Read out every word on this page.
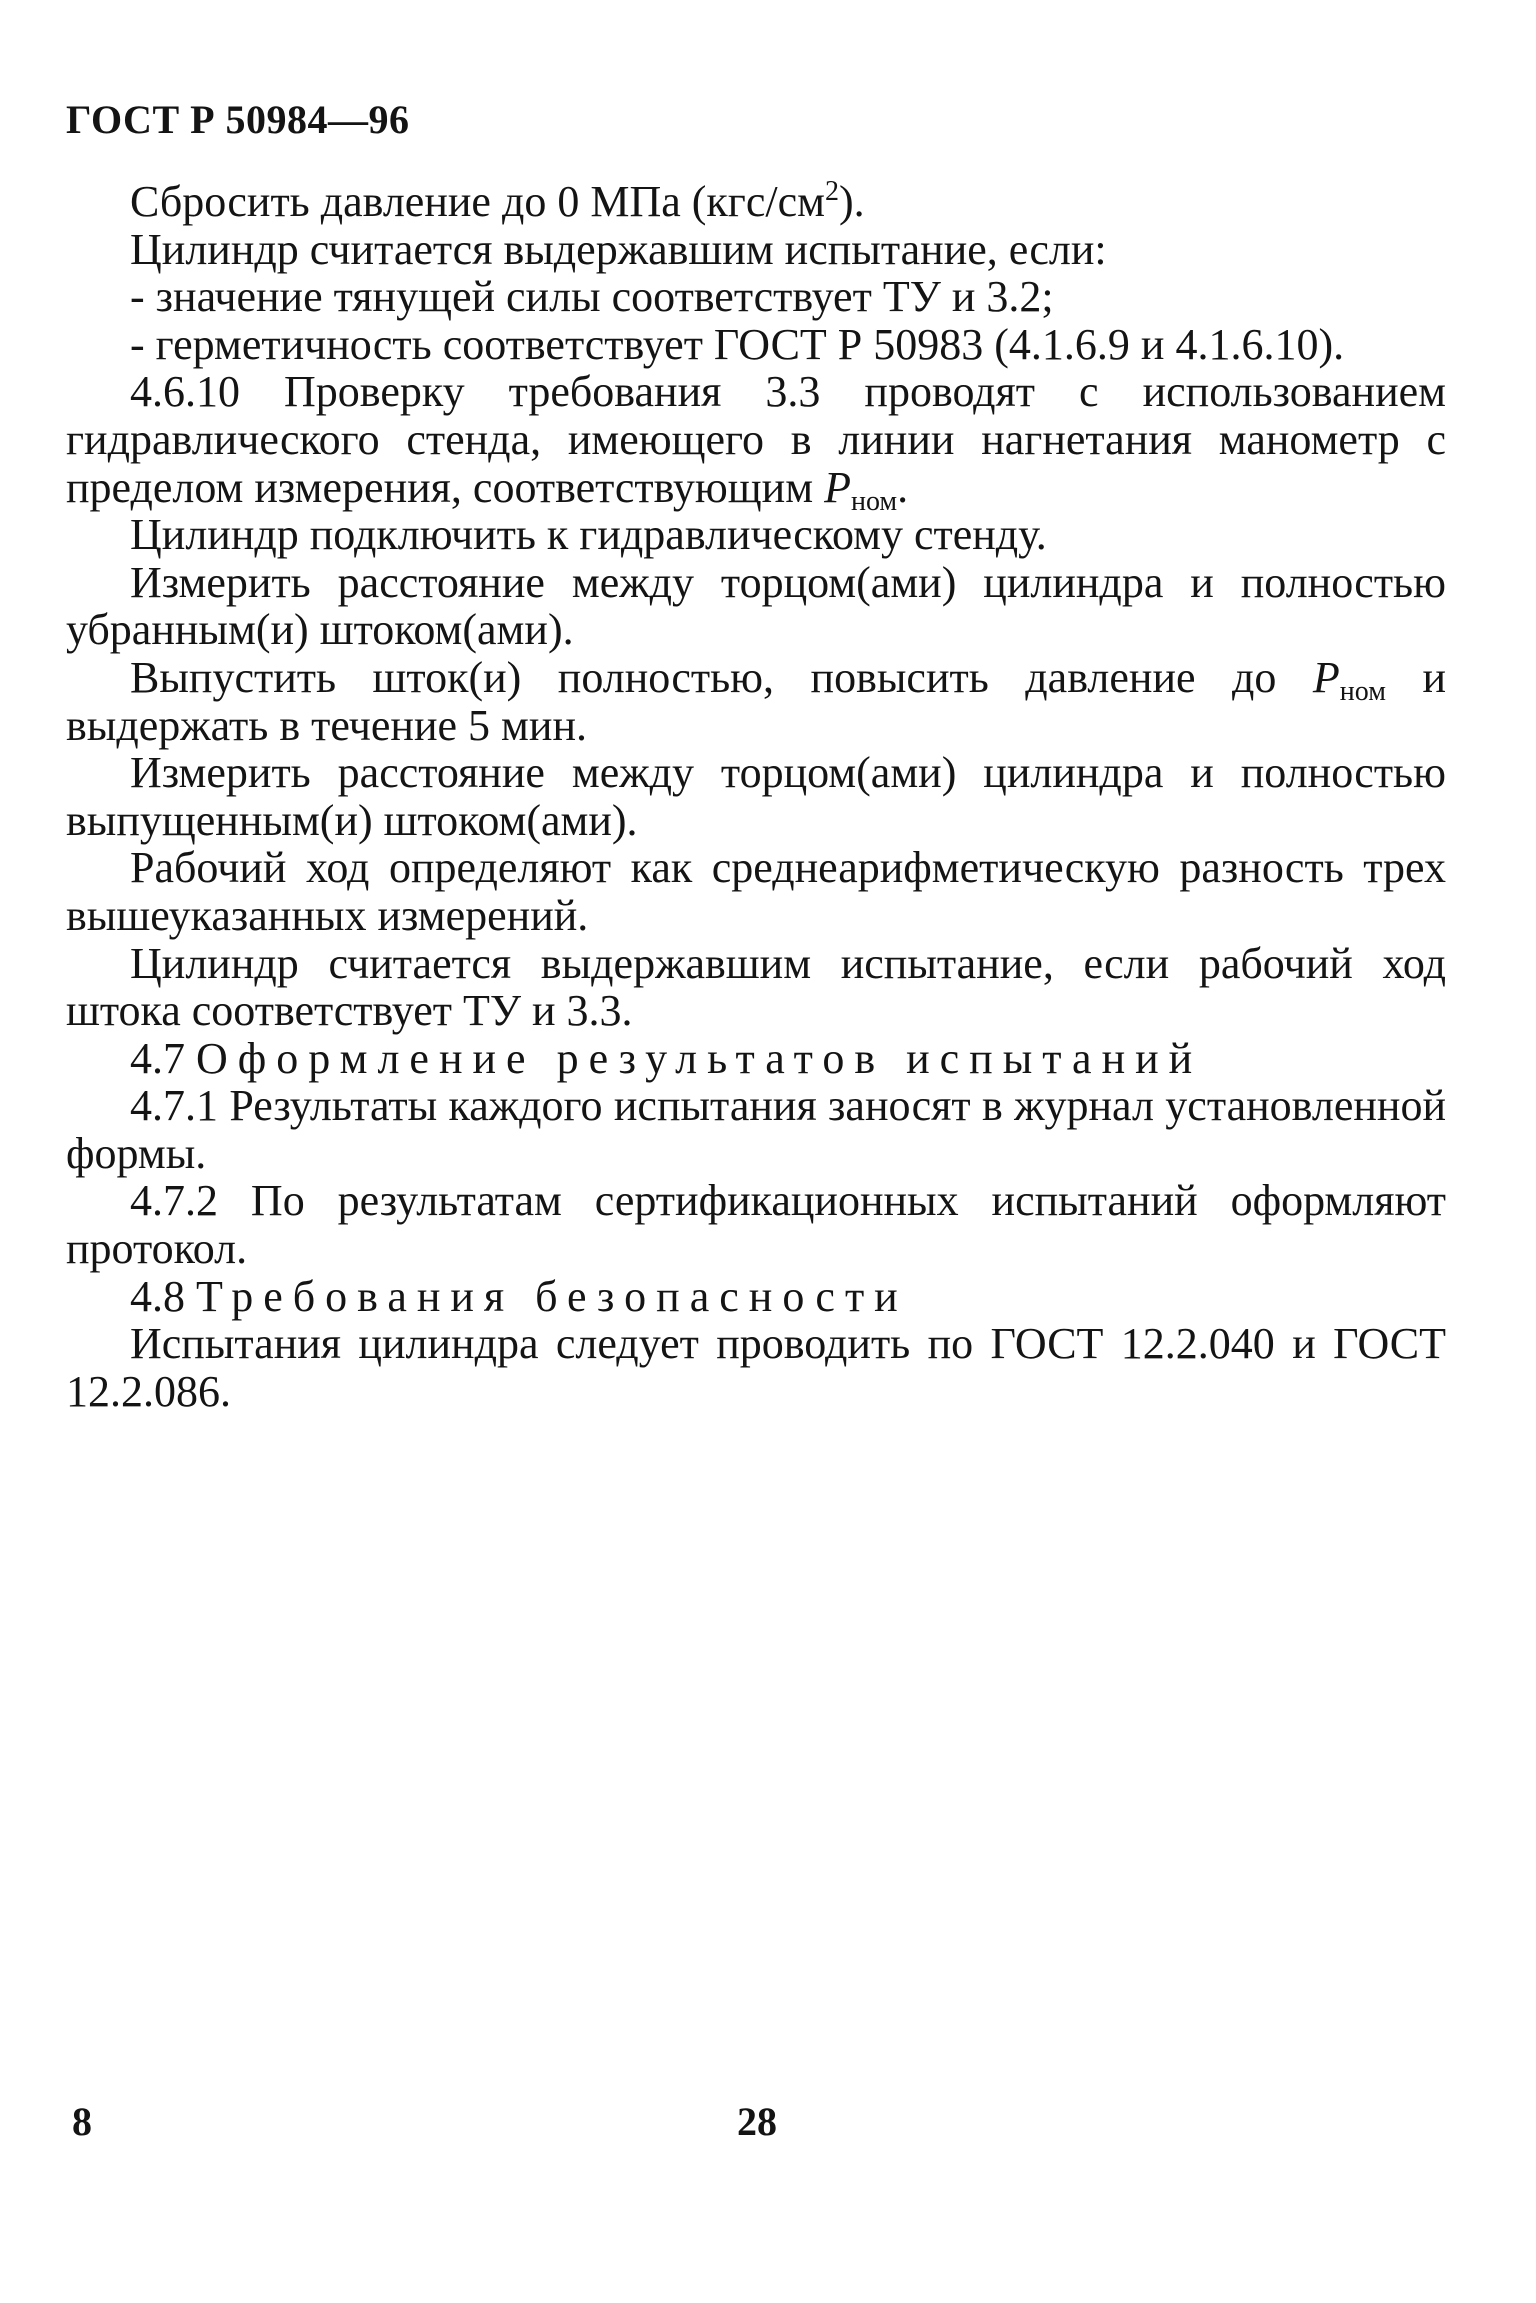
ГОСТ Р 50984—96

Сбросить давление до 0 МПа $(кгс/см^2)$.

Цилиндр считается выдержавшим испытание, если:

- значение тянущей силы соответствует ТУ и 3.2;

- герметичность соответствует ГОСТ Р 50983 (4.1.6.9 и 4.1.6.10).

4.6.10 Проверку требования 3.3 проводят с использованием гидравлического стенда, имеющего в линии нагнетания манометр с пределом измерения, соответствующим $P_{ном}$.

Цилиндр подключить к гидравлическому стенду.

Измерить расстояние между торцом(ами) цилиндра и полностью убранным(и) штоком(ами).

Выпустить шток(и) полностью, повысить давление до $P_{ном}$ и выдержать в течение 5 мин.

Измерить расстояние между торцом(ами) цилиндра и полностью выпущенным(и) штоком(ами).

Рабочий ход определяют как среднеарифметическую разность трех вышеуказанных измерений.

Цилиндр считается выдержавшим испытание, если рабочий ход штока соответствует ТУ и 3.3.

4.7 Оформление результатов испытаний

4.7.1 Результаты каждого испытания заносят в журнал установленной формы.

4.7.2 По результатам сертификационных испытаний оформляют протокол.

4.8 Требования безопасности

Испытания цилиндра следует проводить по ГОСТ 12.2.040 и ГОСТ 12.2.086.

8	28
